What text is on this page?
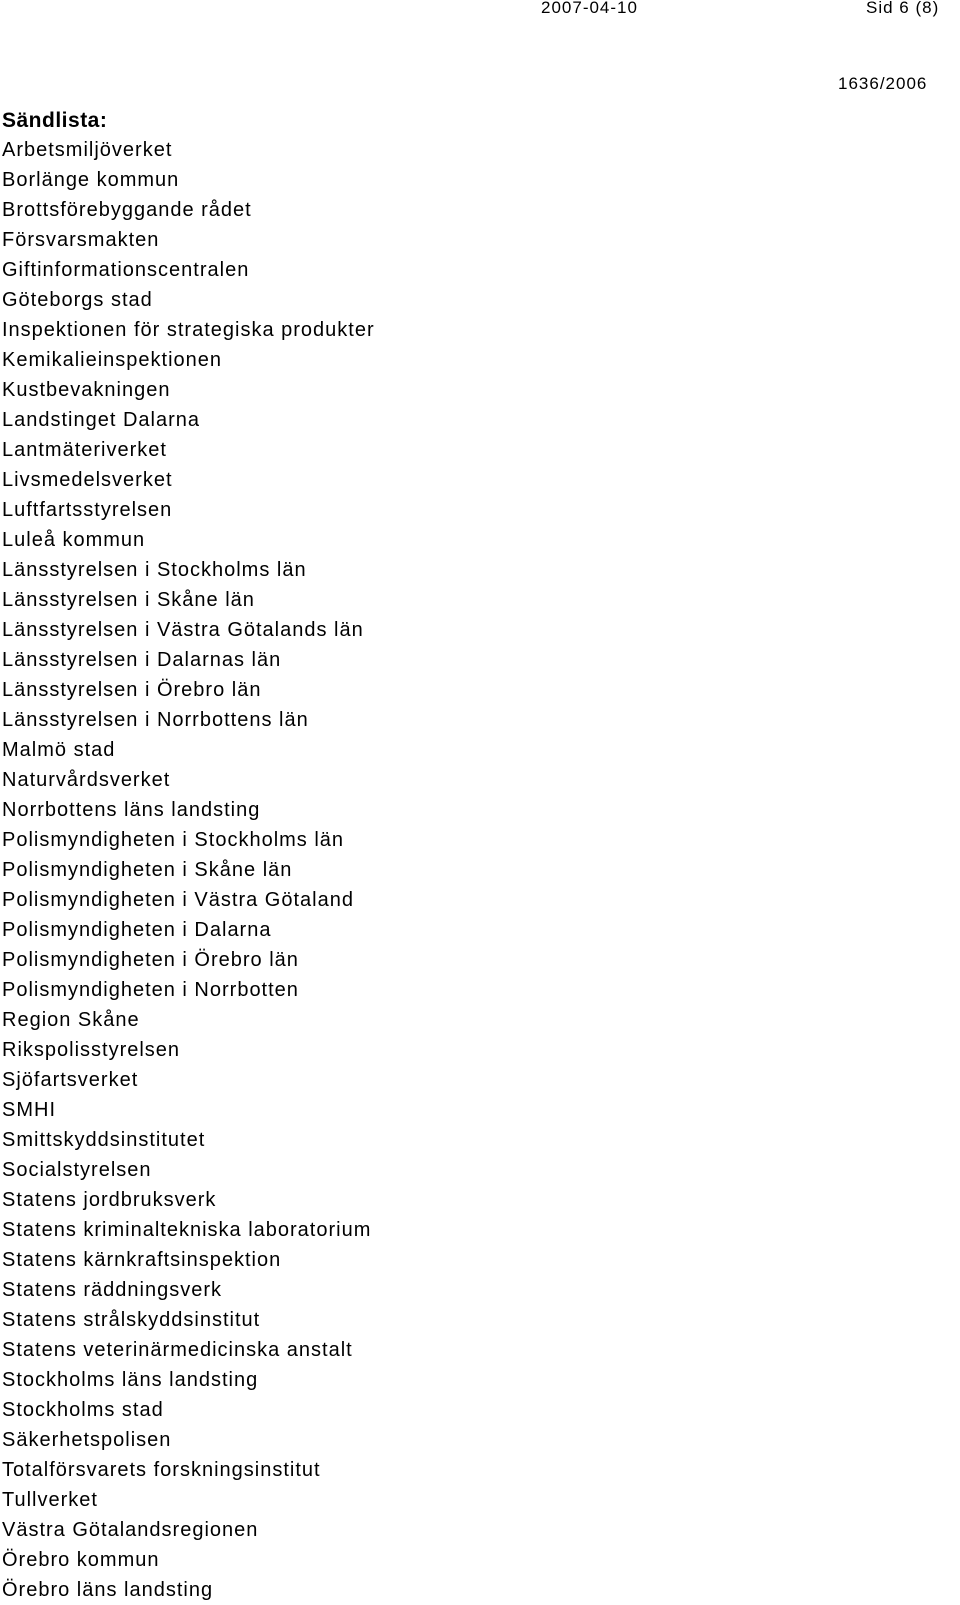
2007-04-10	Sid 6 (8)
1636/2006
Sändlista:
Arbetsmiljöverket
Borlänge kommun
Brottsförebyggande rådet
Försvarsmakten
Giftinformationscentralen
Göteborgs stad
Inspektionen för strategiska produkter
Kemikalieinspektionen
Kustbevakningen
Landstinget Dalarna
Lantmäteriverket
Livsmedelsverket
Luftfartsstyrelsen
Luleå kommun
Länsstyrelsen i Stockholms län
Länsstyrelsen i Skåne län
Länsstyrelsen i Västra Götalands län
Länsstyrelsen i Dalarnas län
Länsstyrelsen i Örebro län
Länsstyrelsen i Norrbottens län
Malmö stad
Naturvårdsverket
Norrbottens läns landsting
Polismyndigheten i Stockholms län
Polismyndigheten i Skåne län
Polismyndigheten i Västra Götaland
Polismyndigheten i Dalarna
Polismyndigheten i Örebro län
Polismyndigheten i Norrbotten
Region Skåne
Rikspolisstyrelsen
Sjöfartsverket
SMHI
Smittskyddsinstitutet
Socialstyrelsen
Statens jordbruksverk
Statens kriminaltekniska laboratorium
Statens kärnkraftsinspektion
Statens räddningsverk
Statens strålskyddsinstitut
Statens veterinärmedicinska anstalt
Stockholms läns landsting
Stockholms stad
Säkerhetspolisen
Totalförsvarets forskningsinstitut
Tullverket
Västra Götalandsregionen
Örebro kommun
Örebro läns landsting
